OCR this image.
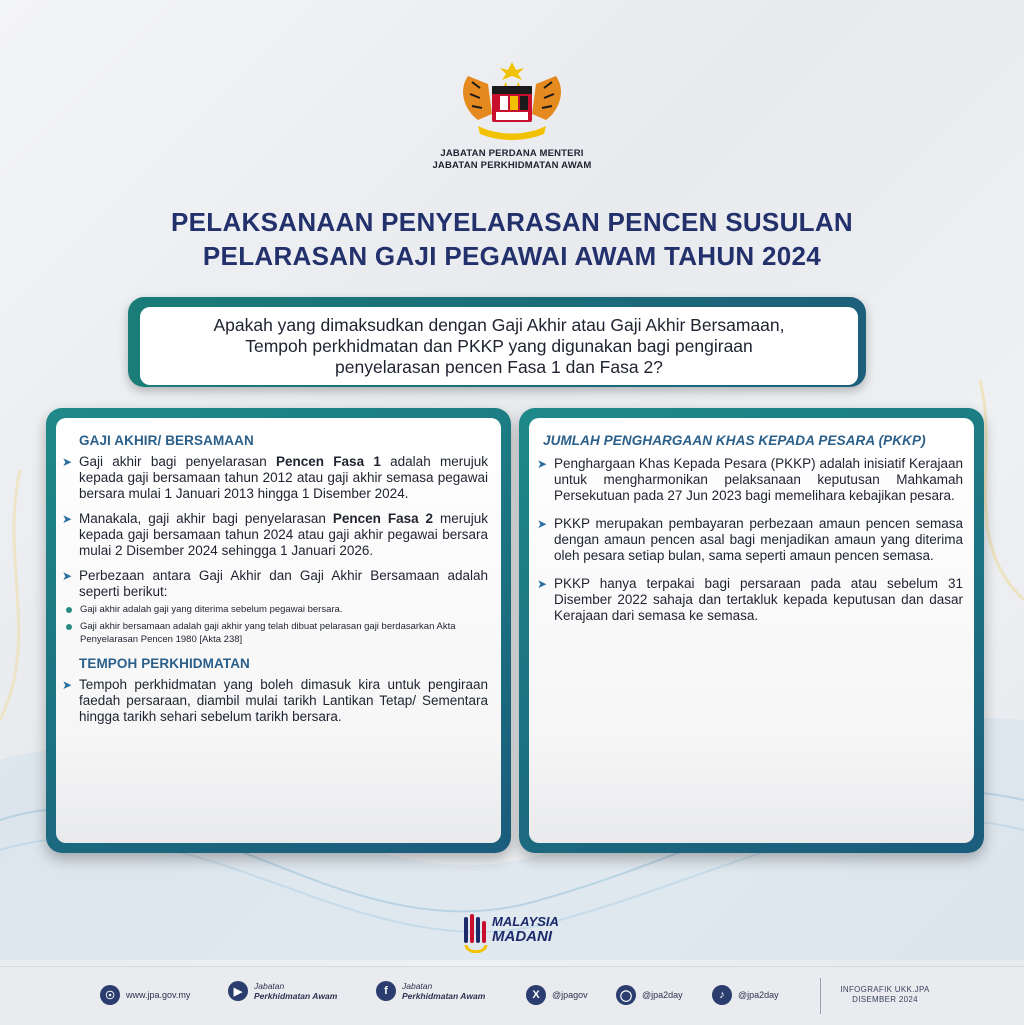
JABATAN PERDANA MENTERI
JABATAN PERKHIDMATAN AWAM
PELAKSANAAN PENYELARASAN PENCEN SUSULAN
PELARASAN GAJI PEGAWAI AWAM TAHUN 2024
Apakah yang dimaksudkan dengan Gaji Akhir atau Gaji Akhir Bersamaan,
Tempoh perkhidmatan dan PKKP yang digunakan bagi pengiraan
penyelarasan pencen Fasa 1 dan Fasa 2?
GAJI AKHIR/ BERSAMAAN
➤ Gaji akhir bagi penyelarasan Pencen Fasa 1 adalah merujuk kepada gaji bersamaan tahun 2012 atau gaji akhir semasa pegawai bersara mulai 1 Januari 2013 hingga 1 Disember 2024.
➤ Manakala, gaji akhir bagi penyelarasan Pencen Fasa 2 merujuk kepada gaji bersamaan tahun 2024 atau gaji akhir pegawai bersara mulai 2 Disember 2024 sehingga 1 Januari 2026.
➤ Perbezaan antara Gaji Akhir dan Gaji Akhir Bersamaan adalah seperti berikut:
Gaji akhir adalah gaji yang diterima sebelum pegawai bersara.
Gaji akhir bersamaan adalah gaji akhir yang telah dibuat pelarasan gaji berdasarkan Akta Penyelarasan Pencen 1980 [Akta 238]
TEMPOH PERKHIDMATAN
➤ Tempoh perkhidmatan yang boleh dimasuk kira untuk pengiraan faedah persaraan, diambil mulai tarikh Lantikan Tetap/ Sementara hingga tarikh sehari sebelum tarikh bersara.
JUMLAH PENGHARGAAN KHAS KEPADA PESARA (PKKP)
➤ Penghargaan Khas Kepada Pesara (PKKP) adalah inisiatif Kerajaan untuk mengharmonikan pelaksanaan keputusan Mahkamah Persekutuan pada 27 Jun 2023 bagi memelihara kebajikan pesara.
➤ PKKP merupakan pembayaran perbezaan amaun pencen semasa dengan amaun pencen asal bagi menjadikan amaun yang diterima oleh pesara setiap bulan, sama seperti amaun pencen semasa.
➤ PKKP hanya terpakai bagi persaraan pada atau sebelum 31 Disember 2022 sahaja dan tertakluk kepada keputusan dan dasar Kerajaan dari semasa ke semasa.
MALAYSIA
MADANI
☉	www.jpa.gov.my	▶	Jabatan
Perkhidmatan Awam	f	Jabatan
Perkhidmatan Awam	X	@jpagov	◯	@jpa2day	♪	@jpa2day
INFOGRAFIK UKK.JPA
DISEMBER 2024
